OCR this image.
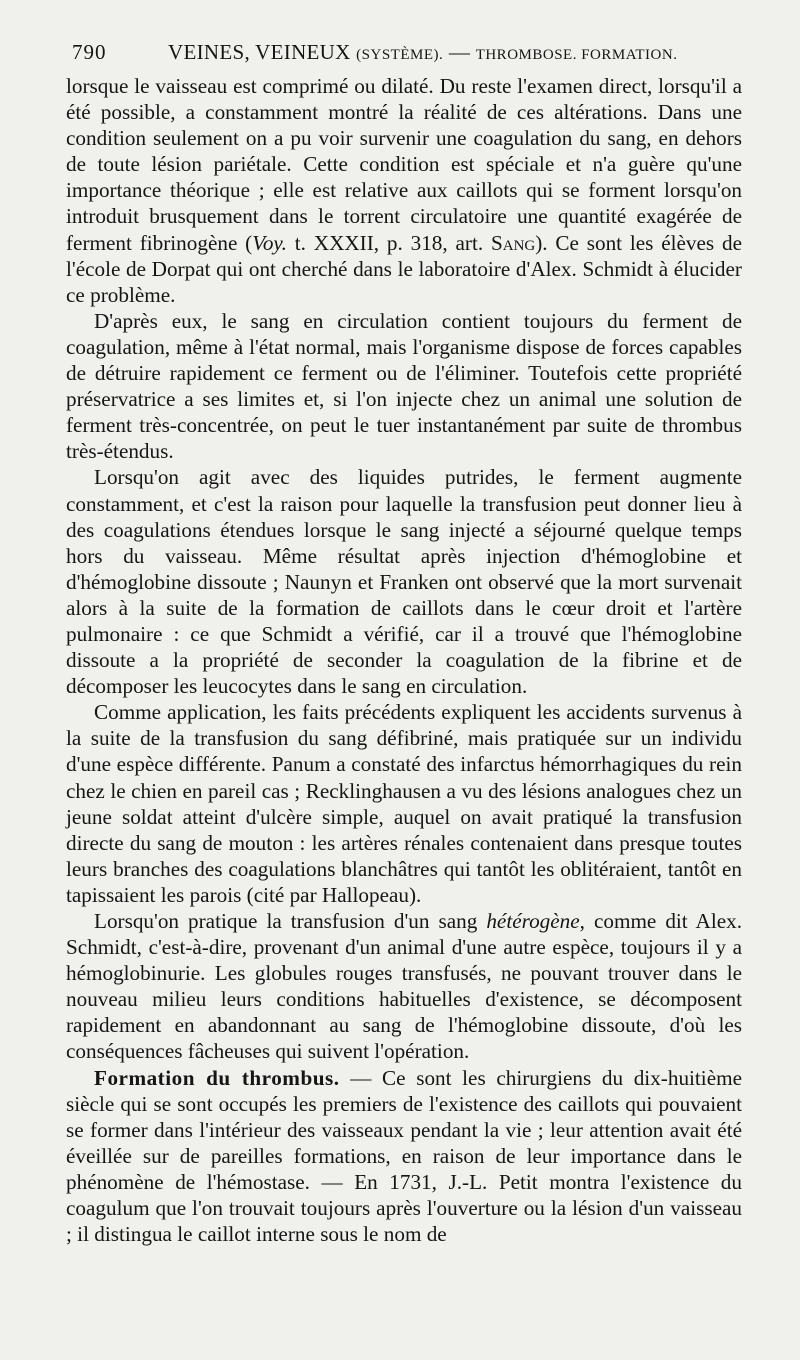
790	VEINES, VEINEUX (SYSTÈME). — THROMBOSE. FORMATION.

lorsque le vaisseau est comprimé ou dilaté. Du reste l'examen direct, lorsqu'il a été possible, a constamment montré la réalité de ces altérations. Dans une condition seulement on a pu voir survenir une coagulation du sang, en dehors de toute lésion pariétale. Cette condition est spéciale et n'a guère qu'une importance théorique ; elle est relative aux caillots qui se forment lorsqu'on introduit brusquement dans le torrent circulatoire une quantité exagérée de ferment fibrinogène (Voy. t. XXXII, p. 318, art. Sang). Ce sont les élèves de l'école de Dorpat qui ont cherché dans le laboratoire d'Alex. Schmidt à élucider ce problème.

D'après eux, le sang en circulation contient toujours du ferment de coagulation, même à l'état normal, mais l'organisme dispose de forces capables de détruire rapidement ce ferment ou de l'éliminer. Toutefois cette propriété préservatrice a ses limites et, si l'on injecte chez un animal une solution de ferment très-concentrée, on peut le tuer instantanément par suite de thrombus très-étendus.

Lorsqu'on agit avec des liquides putrides, le ferment augmente constamment, et c'est la raison pour laquelle la transfusion peut donner lieu à des coagulations étendues lorsque le sang injecté a séjourné quelque temps hors du vaisseau. Même résultat après injection d'hémoglobine et d'hémoglobine dissoute ; Naunyn et Franken ont observé que la mort survenait alors à la suite de la formation de caillots dans le cœur droit et l'artère pulmonaire : ce que Schmidt a vérifié, car il a trouvé que l'hémoglobine dissoute a la propriété de seconder la coagulation de la fibrine et de décomposer les leucocytes dans le sang en circulation.

Comme application, les faits précédents expliquent les accidents survenus à la suite de la transfusion du sang défibriné, mais pratiquée sur un individu d'une espèce différente. Panum a constaté des infarctus hémorrhagiques du rein chez le chien en pareil cas ; Recklinghausen a vu des lésions analogues chez un jeune soldat atteint d'ulcère simple, auquel on avait pratiqué la transfusion directe du sang de mouton : les artères rénales contenaient dans presque toutes leurs branches des coagulations blanchâtres qui tantôt les oblitéraient, tantôt en tapissaient les parois (cité par Hallopeau).

Lorsqu'on pratique la transfusion d'un sang hétérogène, comme dit Alex. Schmidt, c'est-à-dire, provenant d'un animal d'une autre espèce, toujours il y a hémoglobinurie. Les globules rouges transfusés, ne pouvant trouver dans le nouveau milieu leurs conditions habituelles d'existence, se décomposent rapidement en abandonnant au sang de l'hémoglobine dissoute, d'où les conséquences fâcheuses qui suivent l'opération.

Formation du thrombus. — Ce sont les chirurgiens du dix-huitième siècle qui se sont occupés les premiers de l'existence des caillots qui pouvaient se former dans l'intérieur des vaisseaux pendant la vie ; leur attention avait été éveillée sur de pareilles formations, en raison de leur importance dans le phénomène de l'hémostase. — En 1731, J.-L. Petit montra l'existence du coagulum que l'on trouvait toujours après l'ouverture ou la lésion d'un vaisseau ; il distingua le caillot interne sous le nom de
